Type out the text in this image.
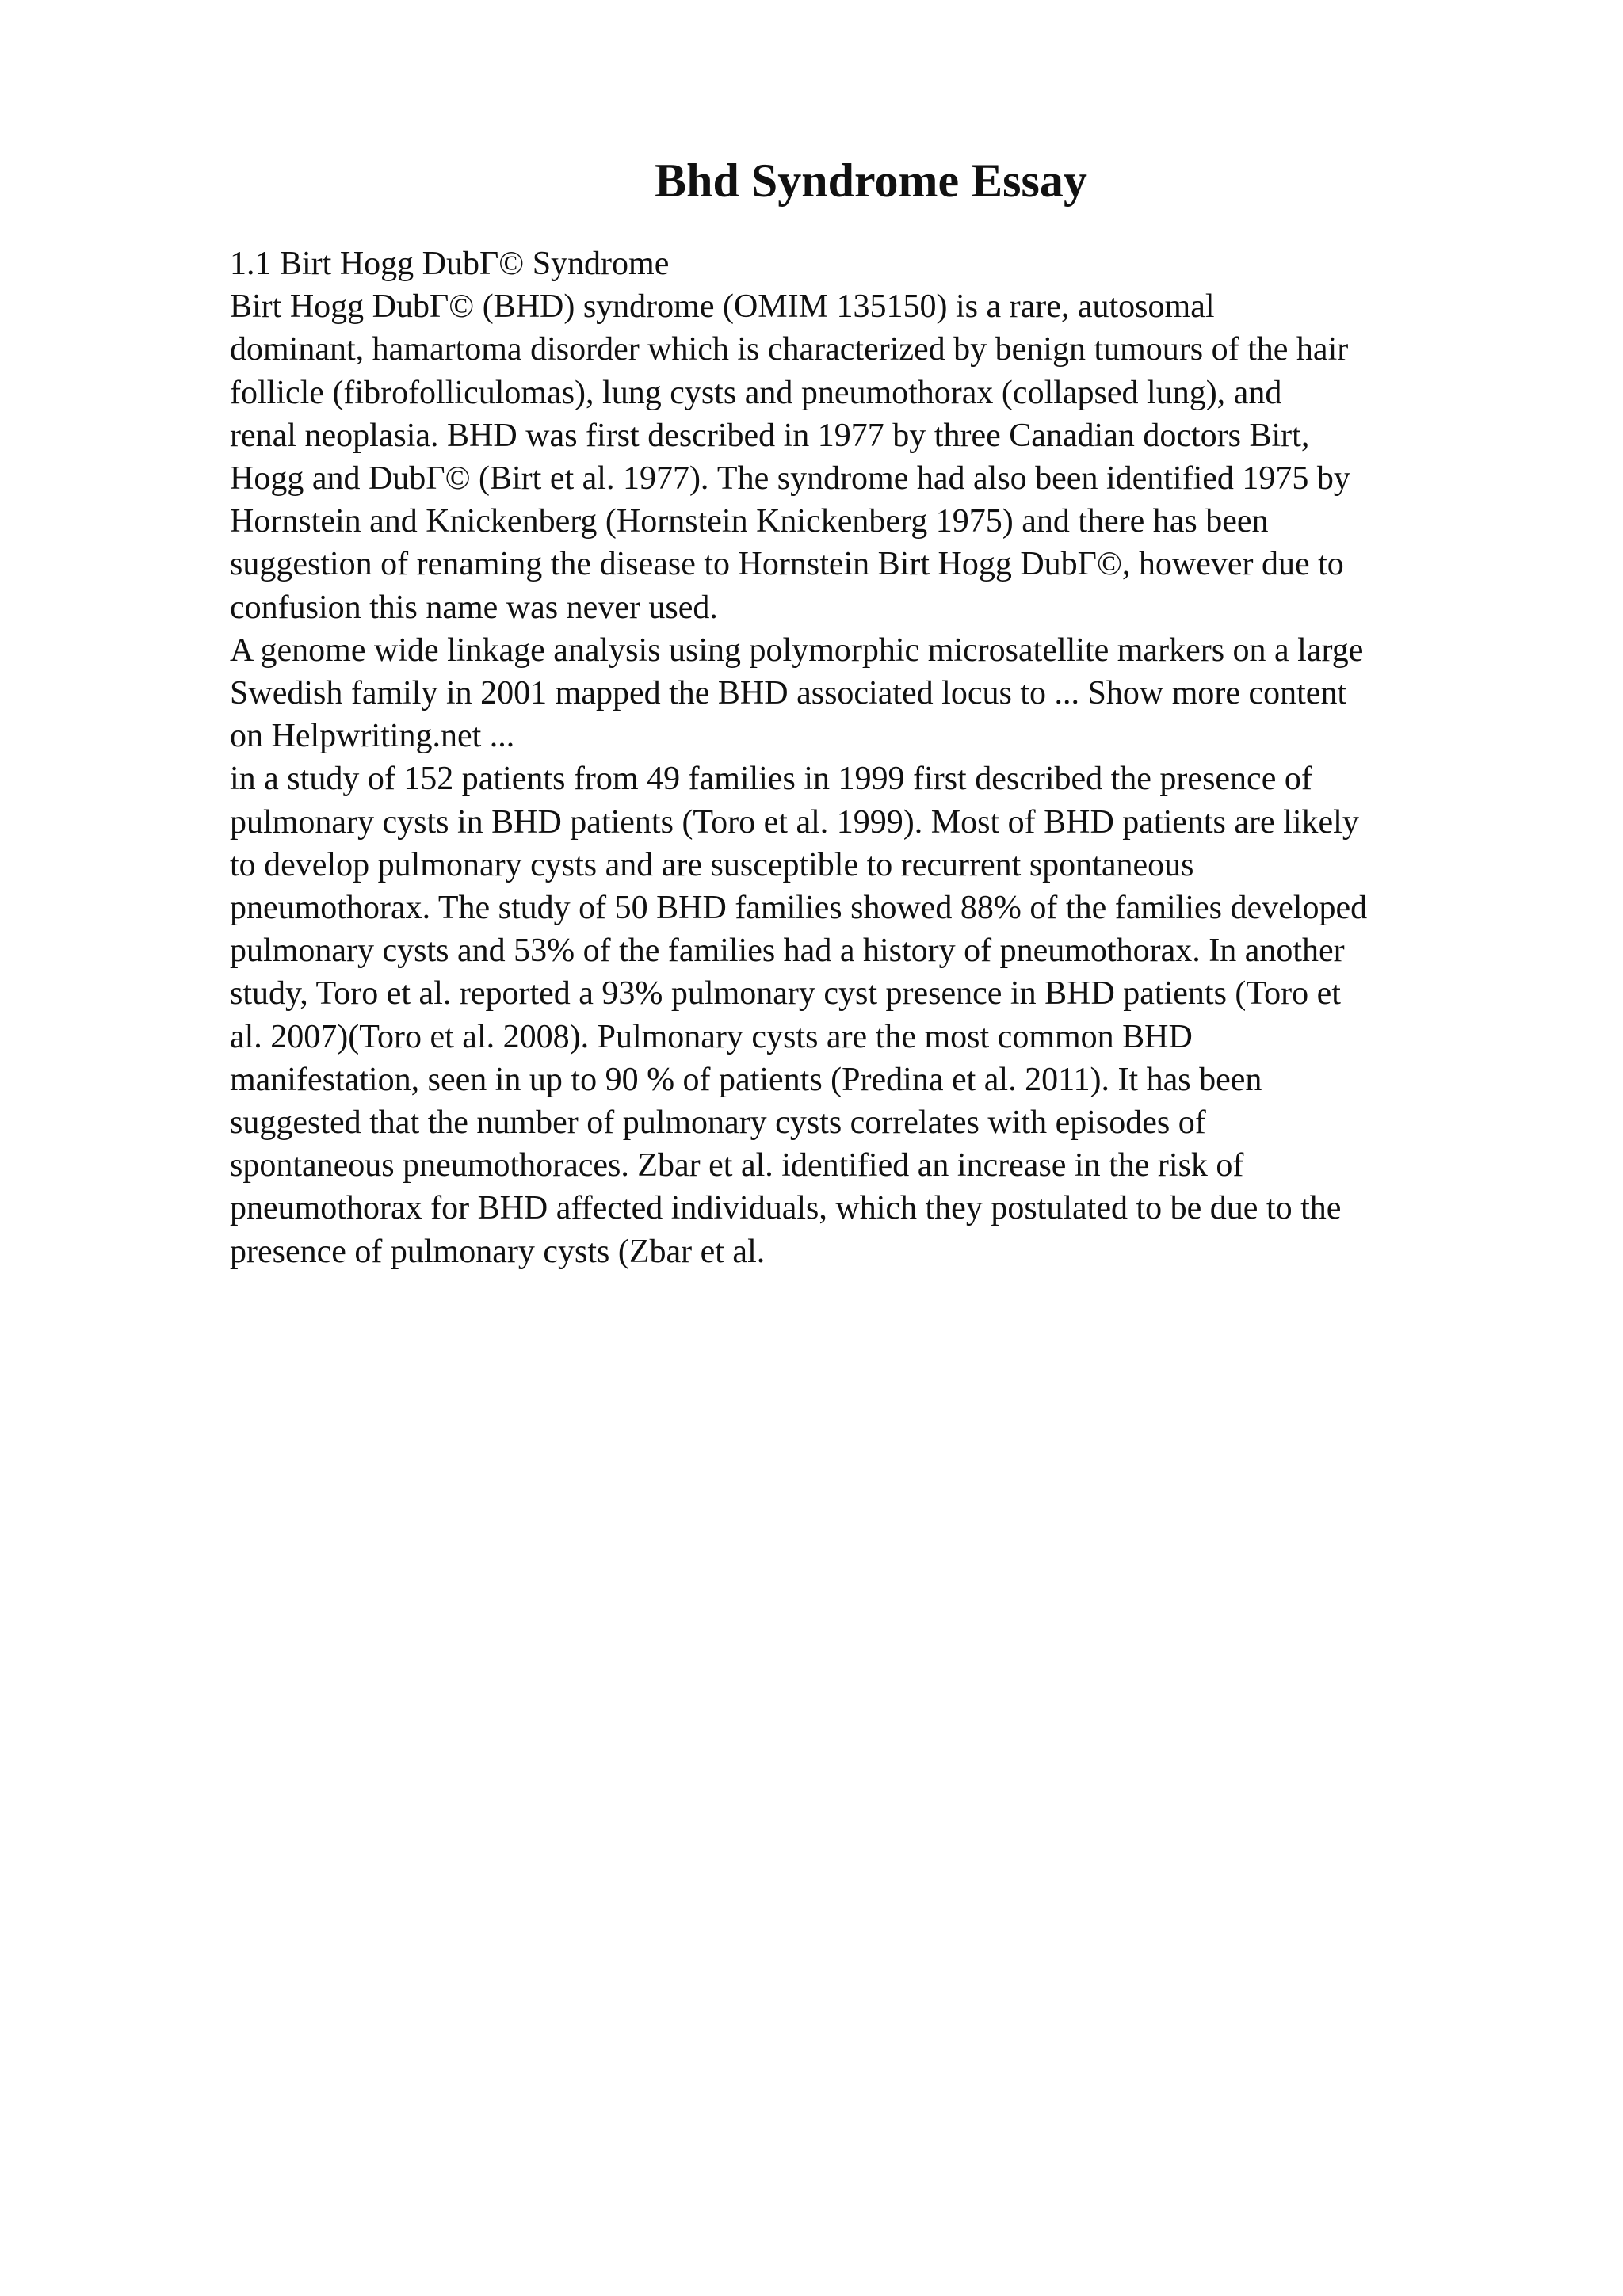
Bhd Syndrome Essay
1.1 Birt Hogg DubГ© Syndrome
Birt Hogg DubГ© (BHD) syndrome (OMIM 135150) is a rare, autosomal
dominant, hamartoma disorder which is characterized by benign tumours of the hair
follicle (fibrofolliculomas), lung cysts and pneumothorax (collapsed lung), and
renal neoplasia. BHD was first described in 1977 by three Canadian doctors Birt,
Hogg and DubГ© (Birt et al. 1977). The syndrome had also been identified 1975 by
Hornstein and Knickenberg (Hornstein Knickenberg 1975) and there has been
suggestion of renaming the disease to Hornstein Birt Hogg DubГ©, however due to
confusion this name was never used.
A genome wide linkage analysis using polymorphic microsatellite markers on a large
Swedish family in 2001 mapped the BHD associated locus to ... Show more content
on Helpwriting.net ...
in a study of 152 patients from 49 families in 1999 first described the presence of
pulmonary cysts in BHD patients (Toro et al. 1999). Most of BHD patients are likely
to develop pulmonary cysts and are susceptible to recurrent spontaneous
pneumothorax. The study of 50 BHD families showed 88% of the families developed
pulmonary cysts and 53% of the families had a history of pneumothorax. In another
study, Toro et al. reported a 93% pulmonary cyst presence in BHD patients (Toro et
al. 2007)(Toro et al. 2008). Pulmonary cysts are the most common BHD
manifestation, seen in up to 90 % of patients (Predina et al. 2011). It has been
suggested that the number of pulmonary cysts correlates with episodes of
spontaneous pneumothoraces. Zbar et al. identified an increase in the risk of
pneumothorax for BHD affected individuals, which they postulated to be due to the
presence of pulmonary cysts (Zbar et al.
